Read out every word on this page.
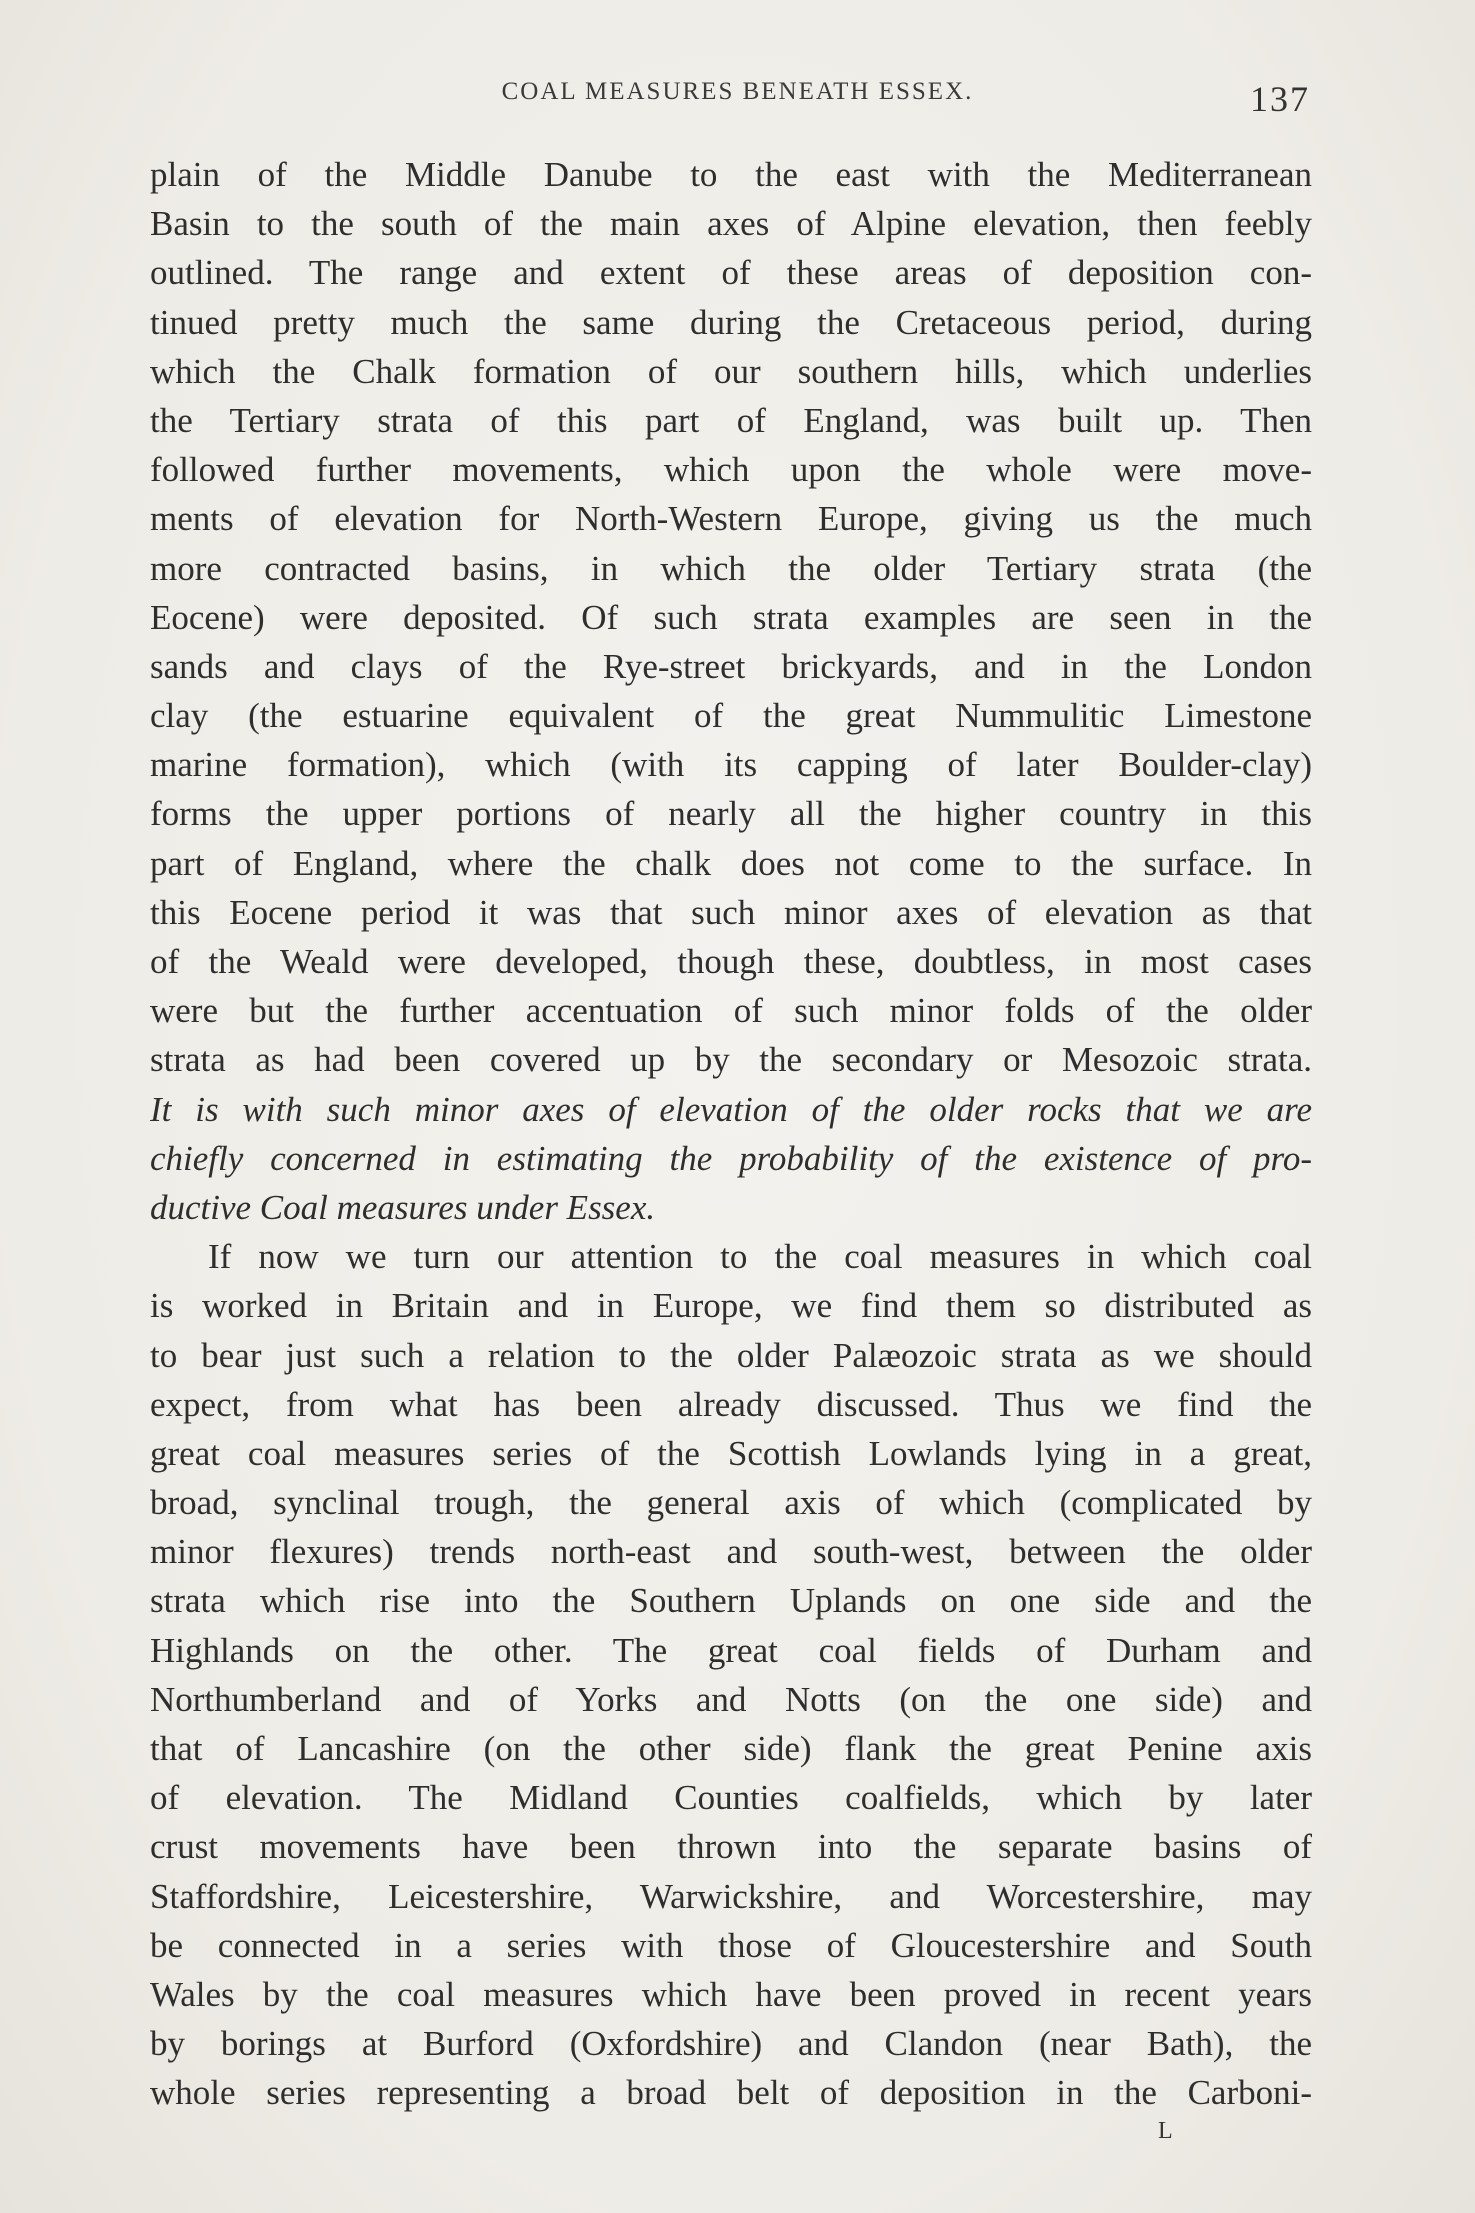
COAL MEASURES BENEATH ESSEX.	137
plain of the Middle Danube to the east with the Mediterranean
Basin to the south of the main axes of Alpine elevation, then feebly
outlined. The range and extent of these areas of deposition con-
tinued pretty much the same during the Cretaceous period, during
which the Chalk formation of our southern hills, which underlies
the Tertiary strata of this part of England, was built up. Then
followed further movements, which upon the whole were move-
ments of elevation for North-Western Europe, giving us the much
more contracted basins, in which the older Tertiary strata (the
Eocene) were deposited. Of such strata examples are seen in the
sands and clays of the Rye-street brickyards, and in the London
clay (the estuarine equivalent of the great Nummulitic Limestone
marine formation), which (with its capping of later Boulder-clay)
forms the upper portions of nearly all the higher country in this
part of England, where the chalk does not come to the surface. In
this Eocene period it was that such minor axes of elevation as that
of the Weald were developed, though these, doubtless, in most cases
were but the further accentuation of such minor folds of the older
strata as had been covered up by the secondary or Mesozoic strata.
It is with such minor axes of elevation of the older rocks that we are
chiefly concerned in estimating the probability of the existence of pro-
ductive Coal measures under Essex.
If now we turn our attention to the coal measures in which coal
is worked in Britain and in Europe, we find them so distributed as
to bear just such a relation to the older Palæozoic strata as we should
expect, from what has been already discussed. Thus we find the
great coal measures series of the Scottish Lowlands lying in a great,
broad, synclinal trough, the general axis of which (complicated by
minor flexures) trends north-east and south-west, between the older
strata which rise into the Southern Uplands on one side and the
Highlands on the other. The great coal fields of Durham and
Northumberland and of Yorks and Notts (on the one side) and
that of Lancashire (on the other side) flank the great Penine axis
of elevation. The Midland Counties coalfields, which by later
crust movements have been thrown into the separate basins of
Staffordshire, Leicestershire, Warwickshire, and Worcestershire, may
be connected in a series with those of Gloucestershire and South
Wales by the coal measures which have been proved in recent years
by borings at Burford (Oxfordshire) and Clandon (near Bath), the
whole series representing a broad belt of deposition in the Carboni-
L
